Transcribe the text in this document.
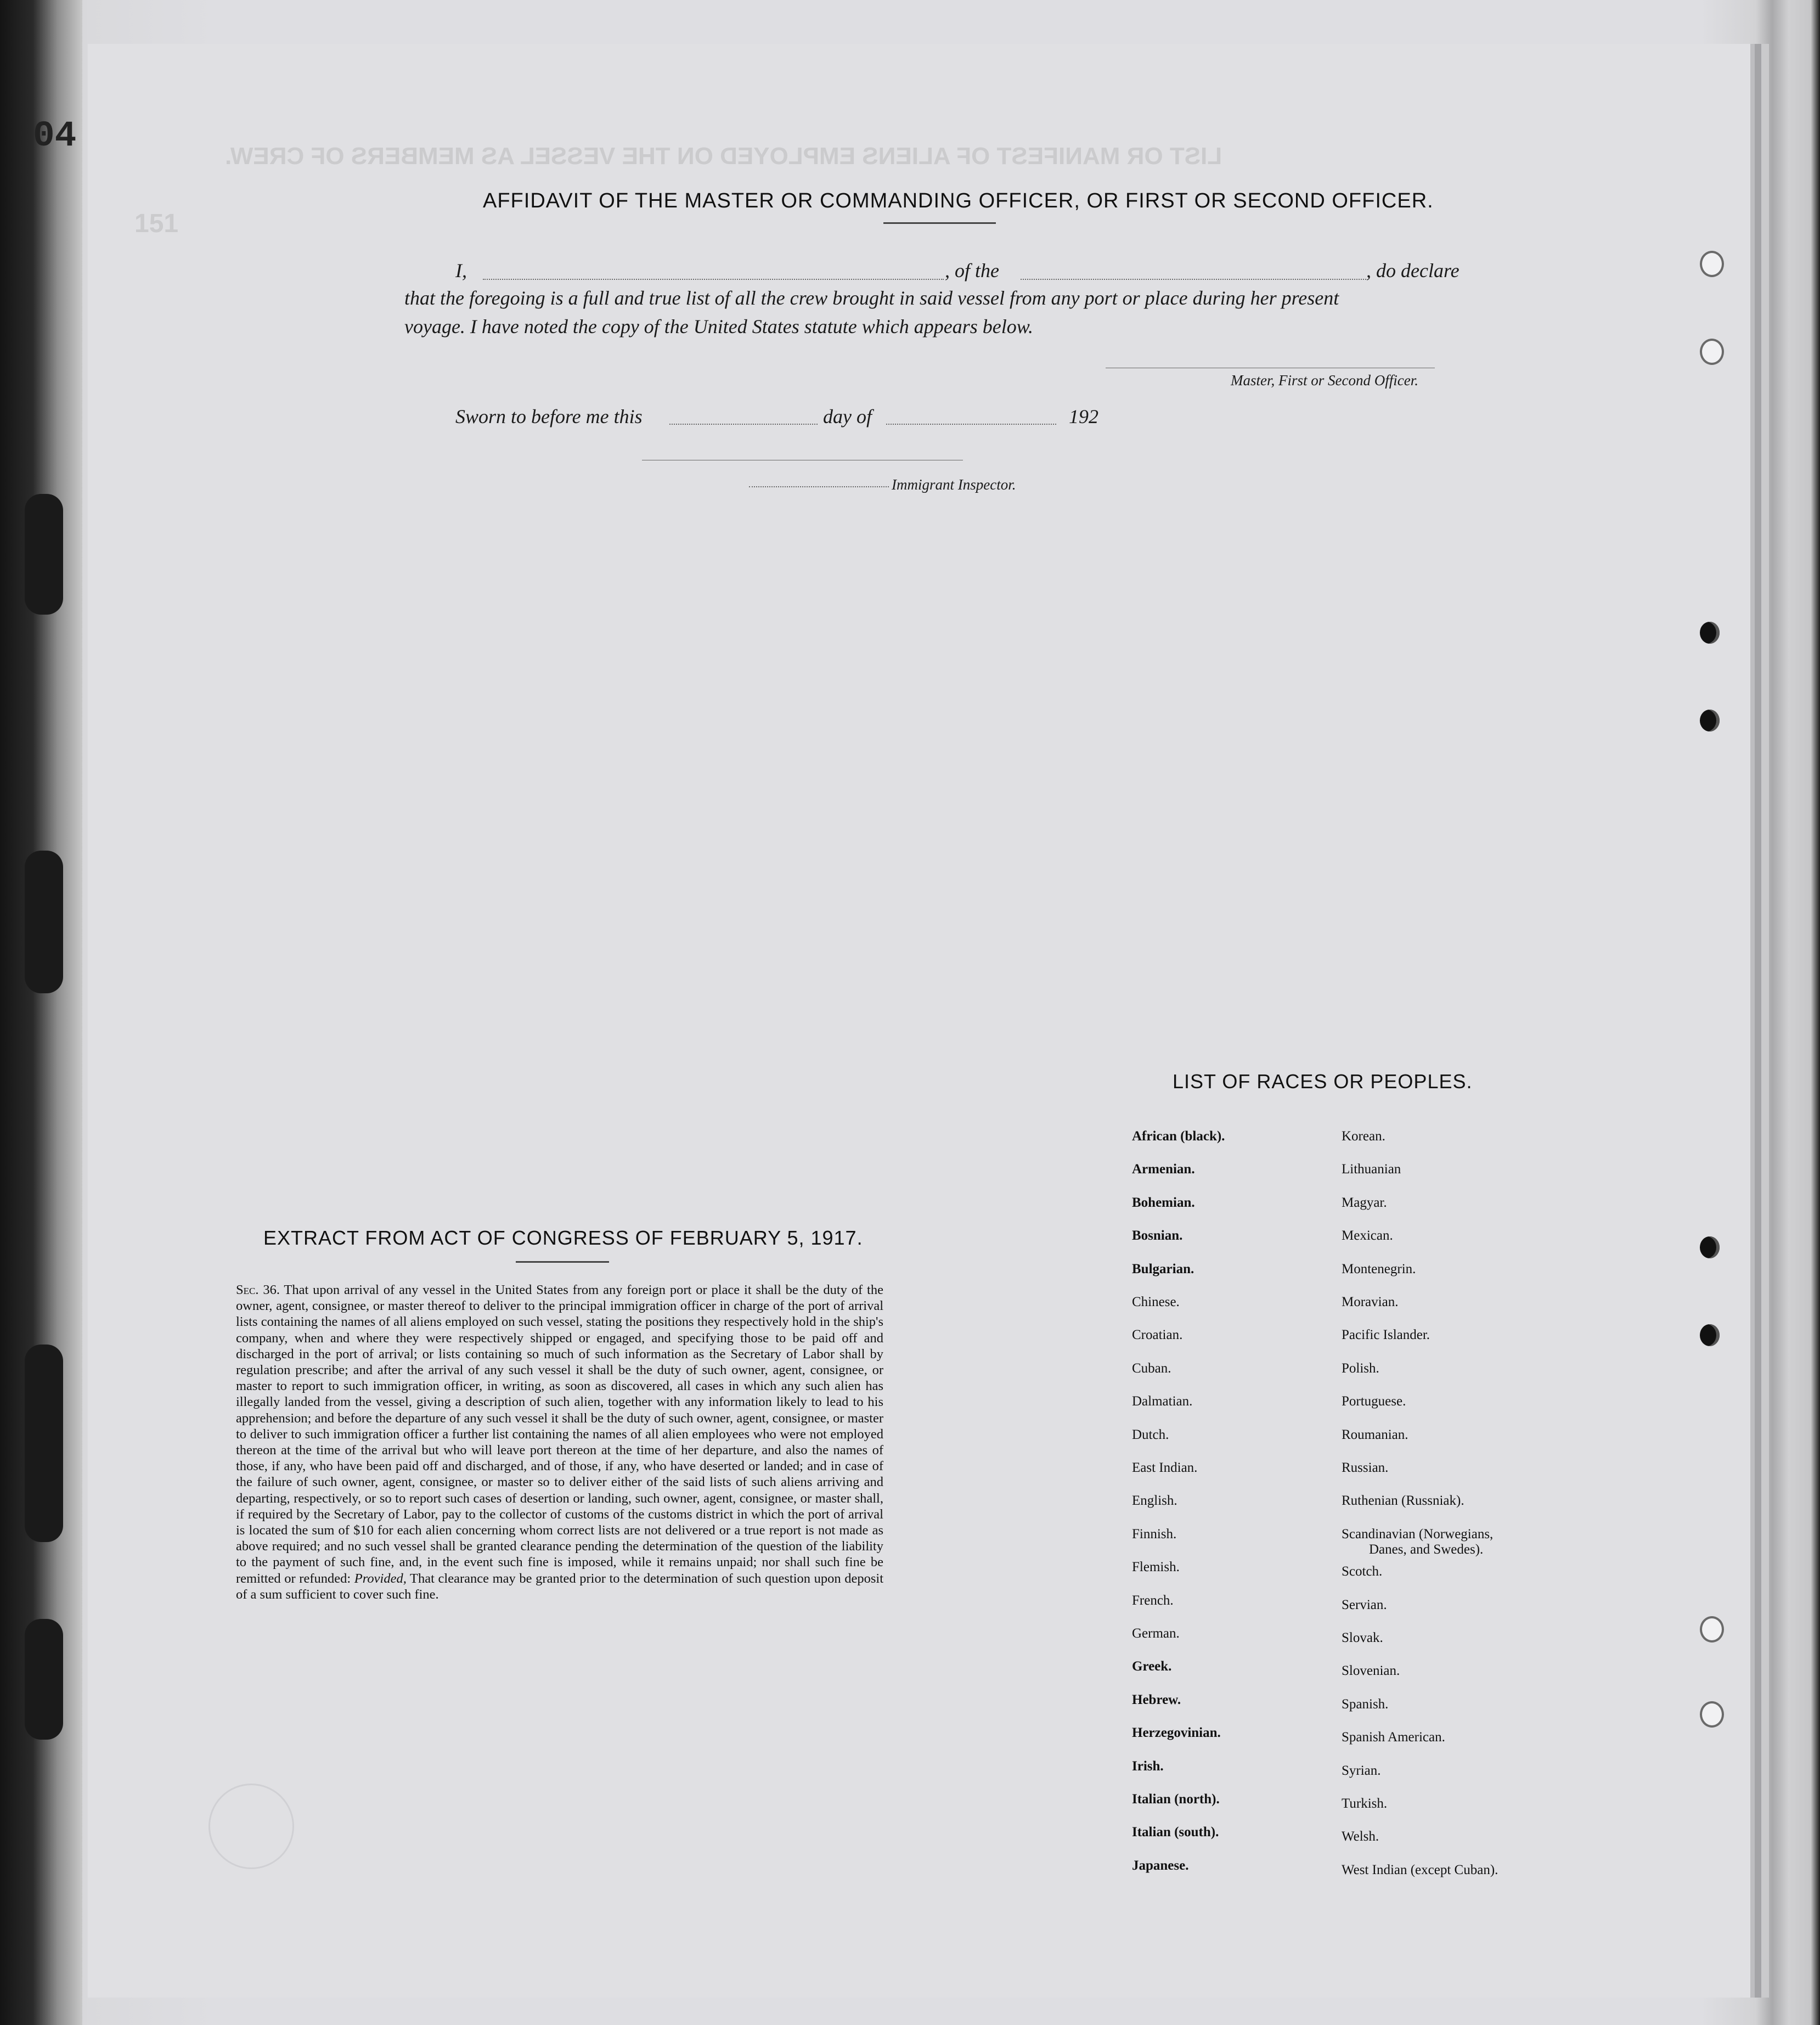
04	LIST OR MANIFEST OF ALIENS EMPLOYED ON THE VESSEL AS MEMBERS OF CREW.
151
AFFIDAVIT OF THE MASTER OR COMMANDING OFFICER, OR FIRST OR SECOND OFFICER.
I,	, of the	, do declare
that the foregoing is a full and true list of all the crew brought in said vessel from any port or place during her present
voyage. I have noted the copy of the United States statute which appears below.
Master, First or Second Officer.
Sworn to before me this	day of	192
Immigrant Inspector.
EXTRACT FROM ACT OF CONGRESS OF FEBRUARY 5, 1917.
Sec. 36. That upon arrival of any vessel in the United States from any foreign port or place it shall be the duty of the owner, agent, consignee, or master thereof to deliver to the principal immigration officer in charge of the port of arrival lists containing the names of all aliens employed on such vessel, stating the positions they respectively hold in the ship's company, when and where they were respectively shipped or engaged, and specifying those to be paid off and discharged in the port of arrival; or lists containing so much of such information as the Secretary of Labor shall by regulation prescribe; and after the arrival of any such vessel it shall be the duty of such owner, agent, consignee, or master to report to such immigration officer, in writing, as soon as discovered, all cases in which any such alien has illegally landed from the vessel, giving a description of such alien, together with any information likely to lead to his apprehension; and before the departure of any such vessel it shall be the duty of such owner, agent, consignee, or master to deliver to such immigration officer a further list containing the names of all alien employees who were not employed thereon at the time of the arrival but who will leave port thereon at the time of her departure, and also the names of those, if any, who have been paid off and discharged, and of those, if any, who have deserted or landed; and in case of the failure of such owner, agent, consignee, or master so to deliver either of the said lists of such aliens arriving and departing, respectively, or so to report such cases of desertion or landing, such owner, agent, consignee, or master shall, if required by the Secretary of Labor, pay to the collector of customs of the customs district in which the port of arrival is located the sum of $10 for each alien concerning whom correct lists are not delivered or a true report is not made as above required; and no such vessel shall be granted clearance pending the determination of the question of the liability to the payment of such fine, and, in the event such fine is imposed, while it remains unpaid; nor shall such fine be remitted or refunded: Provided, That clearance may be granted prior to the determination of such question upon deposit of a sum sufficient to cover such fine.
LIST OF RACES OR PEOPLES.
African (black).
Armenian.
Bohemian.
Bosnian.
Bulgarian.
Chinese.
Croatian.
Cuban.
Dalmatian.
Dutch.
East Indian.
English.
Finnish.
Flemish.
French.
German.
Greek.
Hebrew.
Herzegovinian.
Irish.
Italian (north).
Italian (south).
Japanese.
Korean.
Lithuanian
Magyar.
Mexican.
Montenegrin.
Moravian.
Pacific Islander.
Polish.
Portuguese.
Roumanian.
Russian.
Ruthenian (Russniak).
Scandinavian (Norwegians,
Danes, and Swedes).
Scotch.
Servian.
Slovak.
Slovenian.
Spanish.
Spanish American.
Syrian.
Turkish.
Welsh.
West Indian (except Cuban).
